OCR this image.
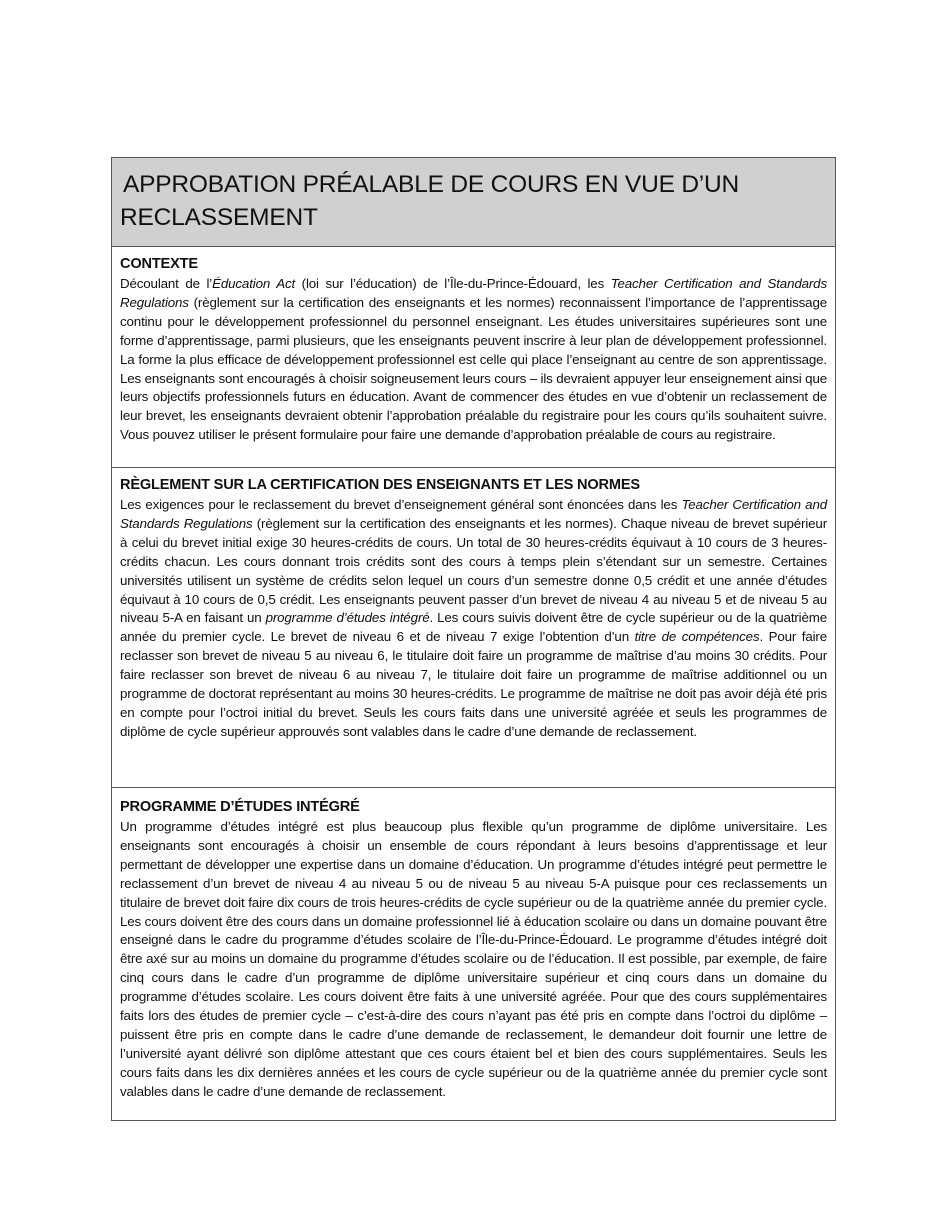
APPROBATION PRÉALABLE DE COURS EN VUE D’UN
RECLASSEMENT
CONTEXTE

Découlant de l’Éducation Act (loi sur l’éducation) de l’Île-du-Prince-Édouard, les Teacher Certification and Standards Regulations (règlement sur la certification des enseignants et les normes) reconnaissent l’importance de l’apprentissage continu pour le développement professionnel du personnel enseignant. Les études universitaires supérieures sont une forme d’apprentissage, parmi plusieurs, que les enseignants peuvent inscrire à leur plan de développement professionnel. La forme la plus efficace de développement professionnel est celle qui place l’enseignant au centre de son apprentissage. Les enseignants sont encouragés à choisir soigneusement leurs cours – ils devraient appuyer leur enseignement ainsi que leurs objectifs professionnels futurs en éducation. Avant de commencer des études en vue d’obtenir un reclassement de leur brevet, les enseignants devraient obtenir l’approbation préalable du registraire pour les cours qu’ils souhaitent suivre. Vous pouvez utiliser le présent formulaire pour faire une demande d’approbation préalable de cours au registraire.

RÈGLEMENT SUR LA CERTIFICATION DES ENSEIGNANTS ET LES NORMES

Les exigences pour le reclassement du brevet d’enseignement général sont énoncées dans les Teacher Certification and Standards Regulations (règlement sur la certification des enseignants et les normes). Chaque niveau de brevet supérieur à celui du brevet initial exige 30 heures-crédits de cours. Un total de 30 heures-crédits équivaut à 10 cours de 3 heures-crédits chacun. Les cours donnant trois crédits sont des cours à temps plein s’étendant sur un semestre. Certaines universités utilisent un système de crédits selon lequel un cours d’un semestre donne 0,5 crédit et une année d’études équivaut à 10 cours de 0,5 crédit. Les enseignants peuvent passer d’un brevet de niveau 4 au niveau 5 et de niveau 5 au niveau 5-A en faisant un programme d’études intégré. Les cours suivis doivent être de cycle supérieur ou de la quatrième année du premier cycle. Le brevet de niveau 6 et de niveau 7 exige l’obtention d’un titre de compétences. Pour faire reclasser son brevet de niveau 5 au niveau 6, le titulaire doit faire un programme de maîtrise d’au moins 30 crédits. Pour faire reclasser son brevet de niveau 6 au niveau 7, le titulaire doit faire un programme de maîtrise additionnel ou un programme de doctorat représentant au moins 30 heures-crédits. Le programme de maîtrise ne doit pas avoir déjà été pris en compte pour l’octroi initial du brevet. Seuls les cours faits dans une université agréée et seuls les programmes de diplôme de cycle supérieur approuvés sont valables dans le cadre d’une demande de reclassement.

PROGRAMME D’ÉTUDES INTÉGRÉ

Un programme d’études intégré est plus beaucoup plus flexible qu’un programme de diplôme universitaire. Les enseignants sont encouragés à choisir un ensemble de cours répondant à leurs besoins d’apprentissage et leur permettant de développer une expertise dans un domaine d’éducation. Un programme d’études intégré peut permettre le reclassement d’un brevet de niveau 4 au niveau 5 ou de niveau 5 au niveau 5-A puisque pour ces reclassements un titulaire de brevet doit faire dix cours de trois heures-crédits de cycle supérieur ou de la quatrième année du premier cycle. Les cours doivent être des cours dans un domaine professionnel lié à éducation scolaire ou dans un domaine pouvant être enseigné dans le cadre du programme d’études scolaire de l’Île-du-Prince-Édouard. Le programme d’études intégré doit être axé sur au moins un domaine du programme d’études scolaire ou de l’éducation. Il est possible, par exemple, de faire cinq cours dans le cadre d’un programme de diplôme universitaire supérieur et cinq cours dans un domaine du programme d’études scolaire. Les cours doivent être faits à une université agréée. Pour que des cours supplémentaires faits lors des études de premier cycle – c’est-à-dire des cours n’ayant pas été pris en compte dans l’octroi du diplôme – puissent être pris en compte dans le cadre d’une demande de reclassement, le demandeur doit fournir une lettre de l’université ayant délivré son diplôme attestant que ces cours étaient bel et bien des cours supplémentaires. Seuls les cours faits dans les dix dernières années et les cours de cycle supérieur ou de la quatrième année du premier cycle sont valables dans le cadre d’une demande de reclassement.
